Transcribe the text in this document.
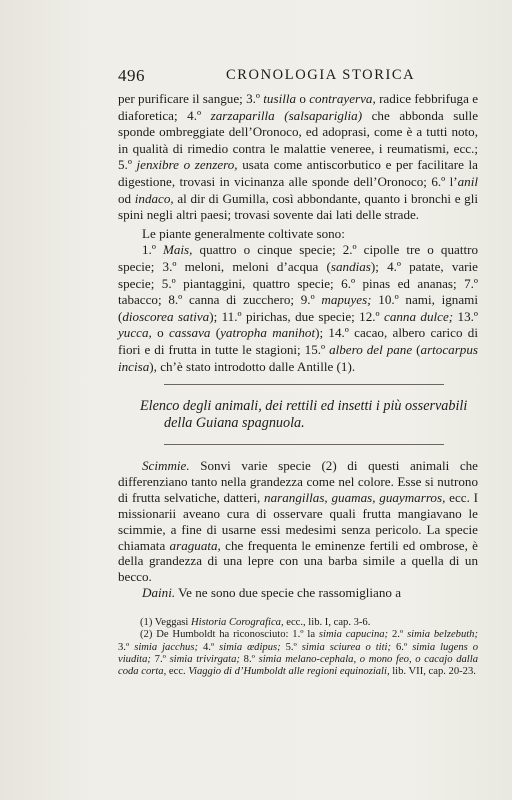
496	CRONOLOGIA STORICA

per purificare il sangue; 3.º tusilla o contrayerva, radice febbrifuga e diaforetica; 4.º zarzaparilla (salsapariglia) che abbonda sulle sponde ombreggiate dell’Oronoco, ed adoprasi, come è a tutti noto, in qualità di rimedio contra le malattie veneree, i reumatismi, ecc.; 5.º jenxibre o zenzero, usata come antiscorbutico e per facilitare la digestione, trovasi in vicinanza alle sponde dell’Oronoco; 6.º l’anil od indaco, al dir di Gumilla, così abbondante, quanto i bronchi e gli spini negli altri paesi; trovasi sovente dai lati delle strade.

Le piante generalmente coltivate sono:

1.º Mais, quattro o cinque specie; 2.º cipolle tre o quattro specie; 3.º meloni, meloni d’acqua (sandias); 4.º patate, varie specie; 5.º piantaggini, quattro specie; 6.º pinas ed ananas; 7.º tabacco; 8.º canna di zucchero; 9.º mapuyes; 10.º nami, ignami (dioscorea sativa); 11.º pirichas, due specie; 12.º canna dulce; 13.º yucca, o cassava (yatropha manihot); 14.º cacao, albero carico di fiori e di frutta in tutte le stagioni; 15.º albero del pane (artocarpus incisa), ch’è stato introdotto dalle Antille (1).

Elenco degli animali, dei rettili ed insetti i più osservabili
della Guiana spagnuola.

Scimmie. Sonvi varie specie (2) di questi animali che differenziano tanto nella grandezza come nel colore. Esse si nutrono di frutta selvatiche, datteri, narangillas, guamas, guaymarros, ecc. I missionarii aveano cura di osservare quali frutta mangiavano le scimmie, a fine di usarne essi medesimi senza pericolo. La specie chiamata araguata, che frequenta le eminenze fertili ed ombrose, è della grandezza di una lepre con una barba simile a quella di un becco.

Daini. Ve ne sono due specie che rassomigliano a

(1) Veggasi Historia Corografica, ecc., lib. I, cap. 3-6.

(2) De Humboldt ha riconosciuto: 1.º la simia capucina; 2.º simia belzebuth; 3.º simia jacchus; 4.º simia œdipus; 5.º simia sciurea o titi; 6.º simia lugens o viudita; 7.º simia trivirgata; 8.º simia melano-cephala, o mono feo, o cacajo dalla coda corta, ecc. Viaggio di d’Humboldt alle regioni equinoziali, lib. VII, cap. 20-23.
